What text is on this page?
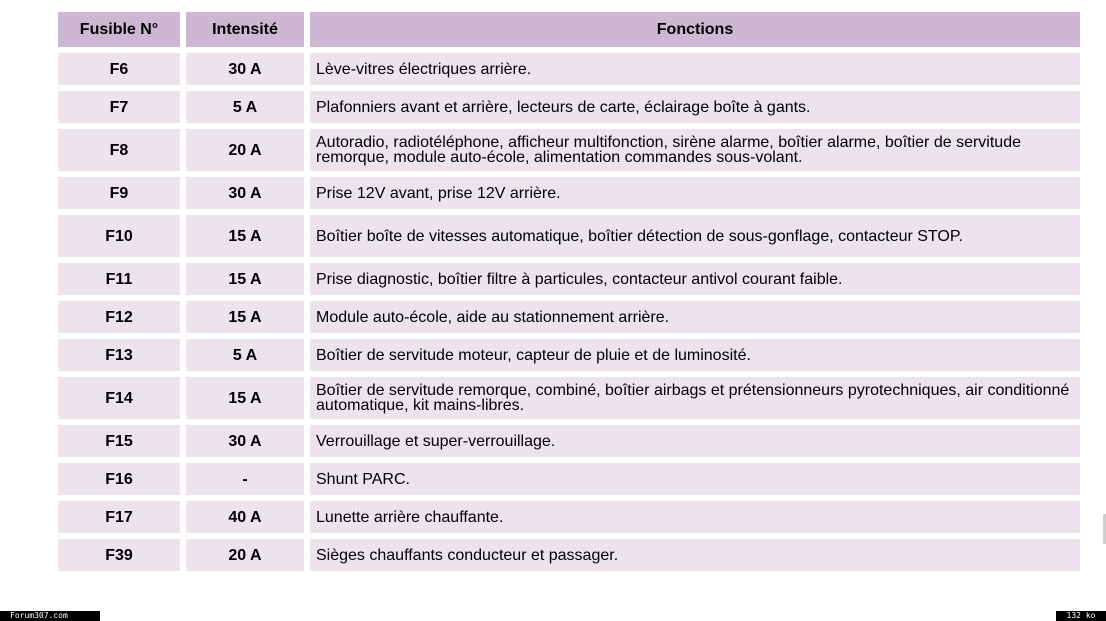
Fusible N°	Intensité	Fonctions
F6	30 A	Lève-vitres électriques arrière.
F7	5 A	Plafonniers avant et arrière, lecteurs de carte, éclairage boîte à gants.
F8	20 A	Autoradio, radiotéléphone, afficheur multifonction, sirène alarme, boîtier alarme, boîtier de servitude remorque, module auto-école, alimentation commandes sous-volant.
F9	30 A	Prise 12V avant, prise 12V arrière.
F10	15 A	Boîtier boîte de vitesses automatique, boîtier détection de sous-gonflage, contacteur STOP.
F11	15 A	Prise diagnostic, boîtier filtre à particules, contacteur antivol courant faible.
F12	15 A	Module auto-école, aide au stationnement arrière.
F13	5 A	Boîtier de servitude moteur, capteur de pluie et de luminosité.
F14	15 A	Boîtier de servitude remorque, combiné, boîtier airbags et prétensionneurs pyrotechniques, air conditionné automatique, kit mains-libres.
F15	30 A	Verrouillage et super-verrouillage.
F16	-	Shunt PARC.
F17	40 A	Lunette arrière chauffante.
F39	20 A	Sièges chauffants conducteur et passager.
Forum307.com	132 ko
